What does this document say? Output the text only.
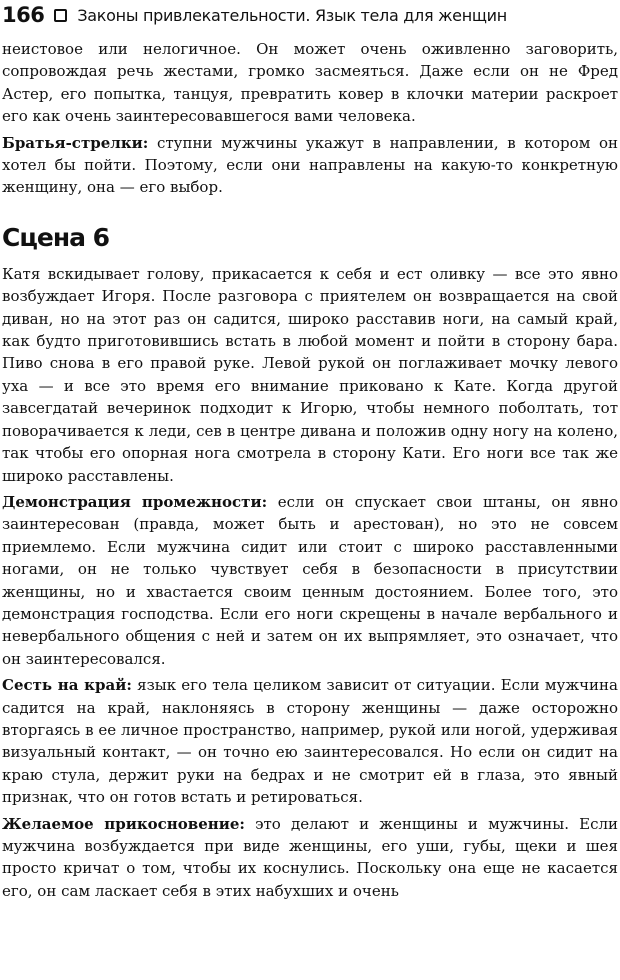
166 Законы привлекательности. Язык тела для женщин

неистовое или нелогичное. Он может очень оживленно заговорить, сопровождая речь жестами, громко засмеяться. Даже если он не Фред Астер, его попытка, танцуя, превратить ковер в клочки материи раскроет его как очень заинтересовавшегося вами человека.

Братья-стрелки: ступни мужчины укажут в направлении, в котором он хотел бы пойти. Поэтому, если они направлены на какую-то конкретную женщину, она — его выбор.

Сцена 6

Катя вскидывает голову, прикасается к себя и ест оливку — все это явно возбуждает Игоря. После разговора с приятелем он возвращается на свой диван, но на этот раз он садится, широко расставив ноги, на самый край, как будто приготовившись встать в любой момент и пойти в сторону бара. Пиво снова в его правой руке. Левой рукой он поглаживает мочку левого уха — и все это время его внимание приковано к Кате. Когда другой завсегдатай вечеринок подходит к Игорю, чтобы немного поболтать, тот поворачивается к леди, сев в центре дивана и положив одну ногу на колено, так чтобы его опорная нога смотрела в сторону Кати. Его ноги все так же широко расставлены.

Демонстрация промежности: если он спускает свои штаны, он явно заинтересован (правда, может быть и арестован), но это не совсем приемлемо. Если мужчина сидит или стоит с широко расставленными ногами, он не только чувствует себя в безопасности в присутствии женщины, но и хвастается своим ценным достоянием. Более того, это демонстрация господства. Если его ноги скрещены в начале вербального и невербального общения с ней и затем он их выпрямляет, это означает, что он заинтересовался.

Сесть на край: язык его тела целиком зависит от ситуации. Если мужчина садится на край, наклоняясь в сторону женщины — даже осторожно вторгаясь в ее личное пространство, например, рукой или ногой, удерживая визуальный контакт, — он точно ею заинтересовался. Но если он сидит на краю стула, держит руки на бедрах и не смотрит ей в глаза, это явный признак, что он готов встать и ретироваться.

Желаемое прикосновение: это делают и женщины и мужчины. Если мужчина возбуждается при виде женщины, его уши, губы, щеки и шея просто кричат о том, чтобы их коснулись. Поскольку она еще не касается его, он сам ласкает себя в этих набухших и очень
